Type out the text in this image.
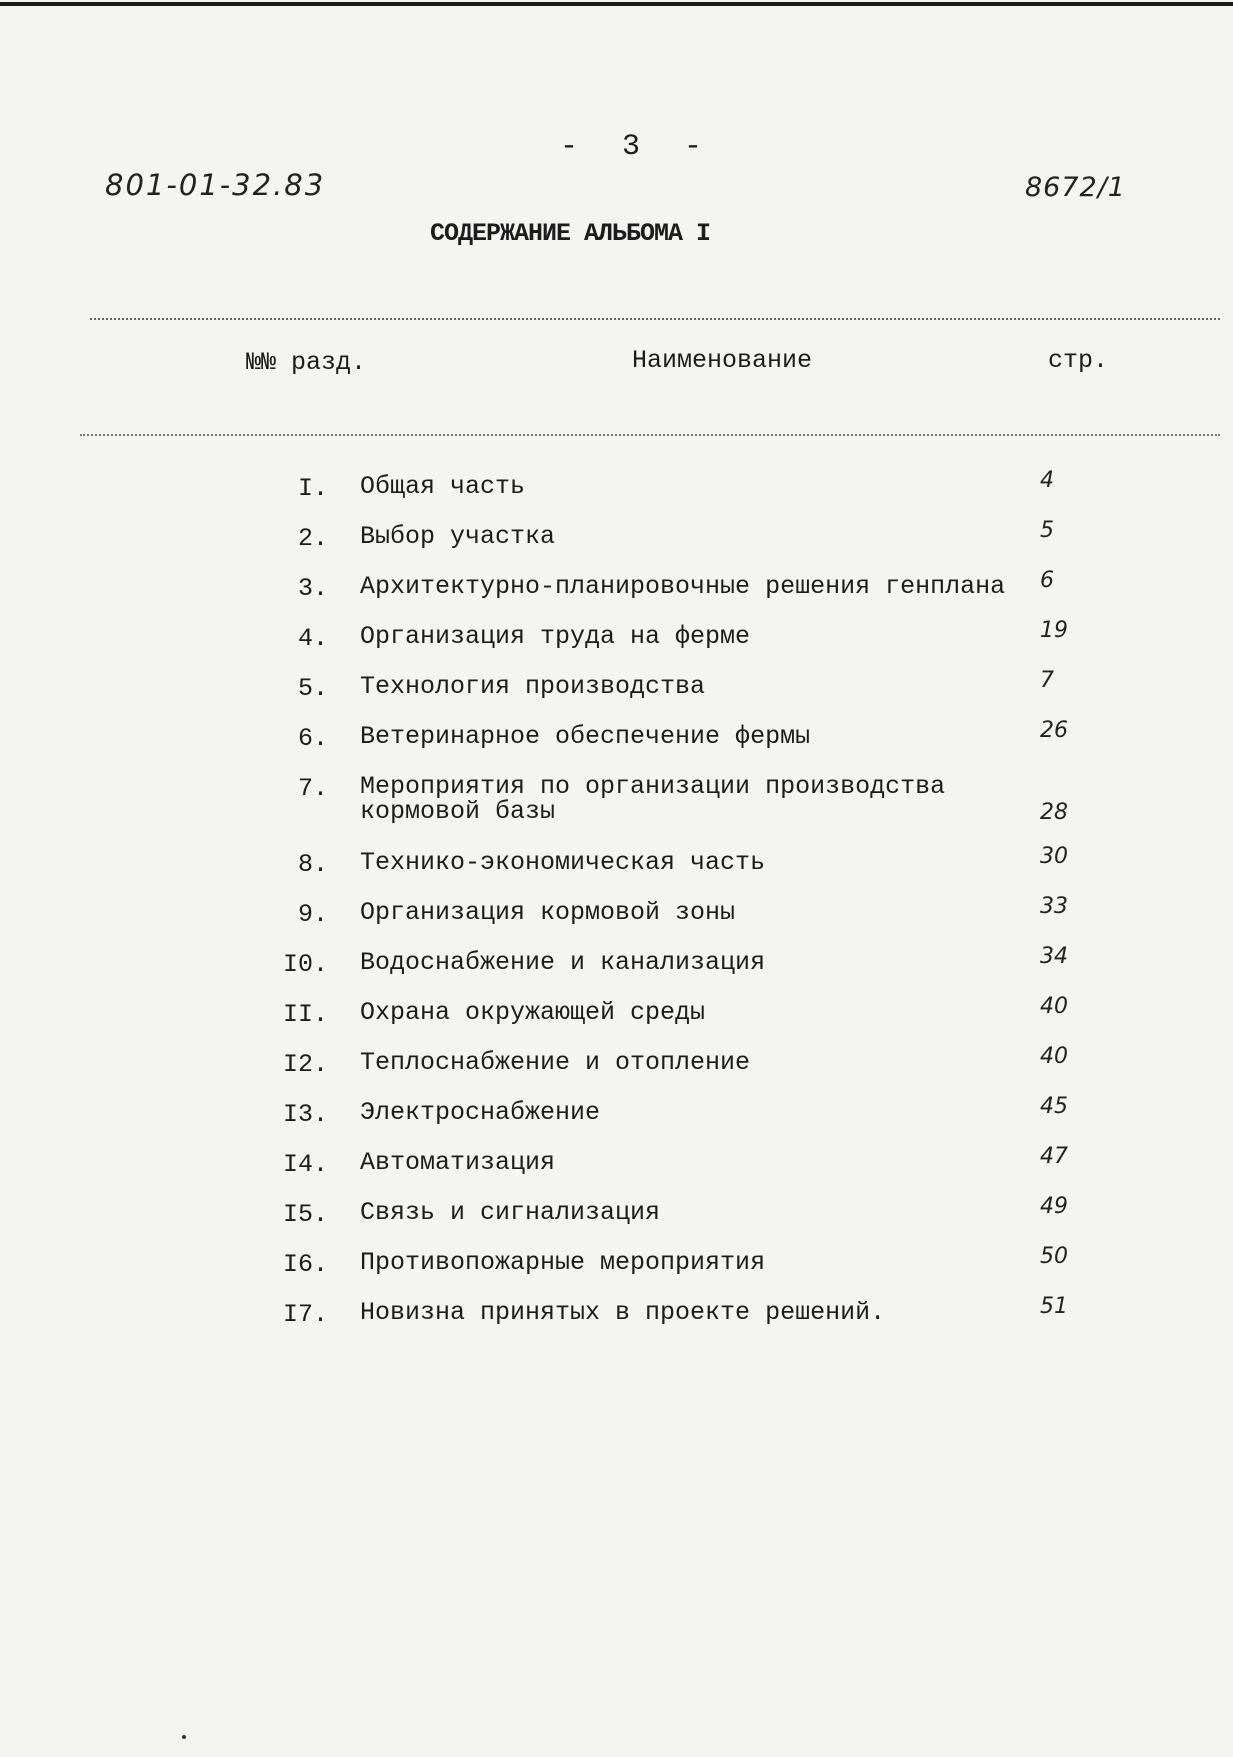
801-01-32.83
- 3 -
8672/1
СОДЕРЖАНИЕ АЛЬБОМА I
№№ разд.	Наименование	стр.
I. Общая часть	4
2. Выбор участка	5
3. Архитектурно-планировочные решения генплана	6
4. Организация труда на ферме	19
5. Технология производства	7
6. Ветеринарное обеспечение фермы	26
7. Мероприятия по организации производства кормовой базы	28
8. Технико-экономическая часть	30
9. Организация кормовой зоны	33
I0. Водоснабжение и канализация	34
II. Охрана окружающей среды	40
I2. Теплоснабжение и отопление	40
I3. Электроснабжение	45
I4. Автоматизация	47
I5. Связь и сигнализация	49
I6. Противопожарные мероприятия	50
I7. Новизна принятых в проекте решений.	51
